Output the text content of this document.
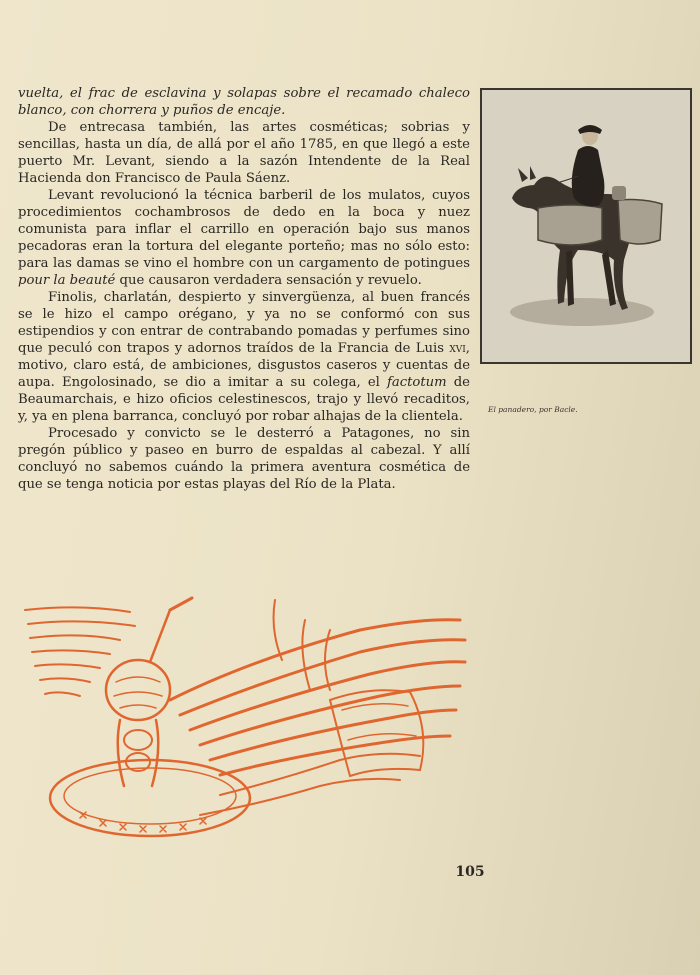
vuelta, el frac de esclavina y solapas sobre el recamado chaleco blanco, con chorrera y puños de encaje.

De entrecasa también, las artes cosméticas; sobrias y sencillas, hasta un día, de allá por el año 1785, en que llegó a este puerto Mr. Levant, siendo a la sazón Intendente de la Real Hacienda don Francisco de Paula Sáenz.

Levant revolucionó la técnica barberil de los mulatos, cuyos procedimientos cochambrosos de dedo en la boca y nuez comunista para inflar el carrillo en operación bajo sus manos pecadoras eran la tortura del elegante porteño; mas no sólo esto: para las damas se vino el hombre con un cargamento de potingues pour la beauté que causaron verdadera sensación y revuelo.

Finolis, charlatán, despierto y sinvergüenza, al buen francés se le hizo el campo orégano, y ya no se conformó con sus estipendios y con entrar de contrabando pomadas y perfumes sino que peculó con trapos y adornos traídos de la Francia de Luis xvi, motivo, claro está, de ambiciones, disgustos caseros y cuentas de aupa. Engolosinado, se dio a imitar a su colega, el factotum de Beaumarchais, e hizo oficios celestinescos, trajo y llevó recaditos, y, ya en plena barranca, concluyó por robar alhajas de la clientela.

Procesado y convicto se le desterró a Patagones, no sin pregón público y paseo en burro de espaldas al cabezal. Y allí concluyó no sabemos cuándo la primera aventura cosmética de que se tenga noticia por estas playas del Río de la Plata.

El panadero, por Bacle.
105
